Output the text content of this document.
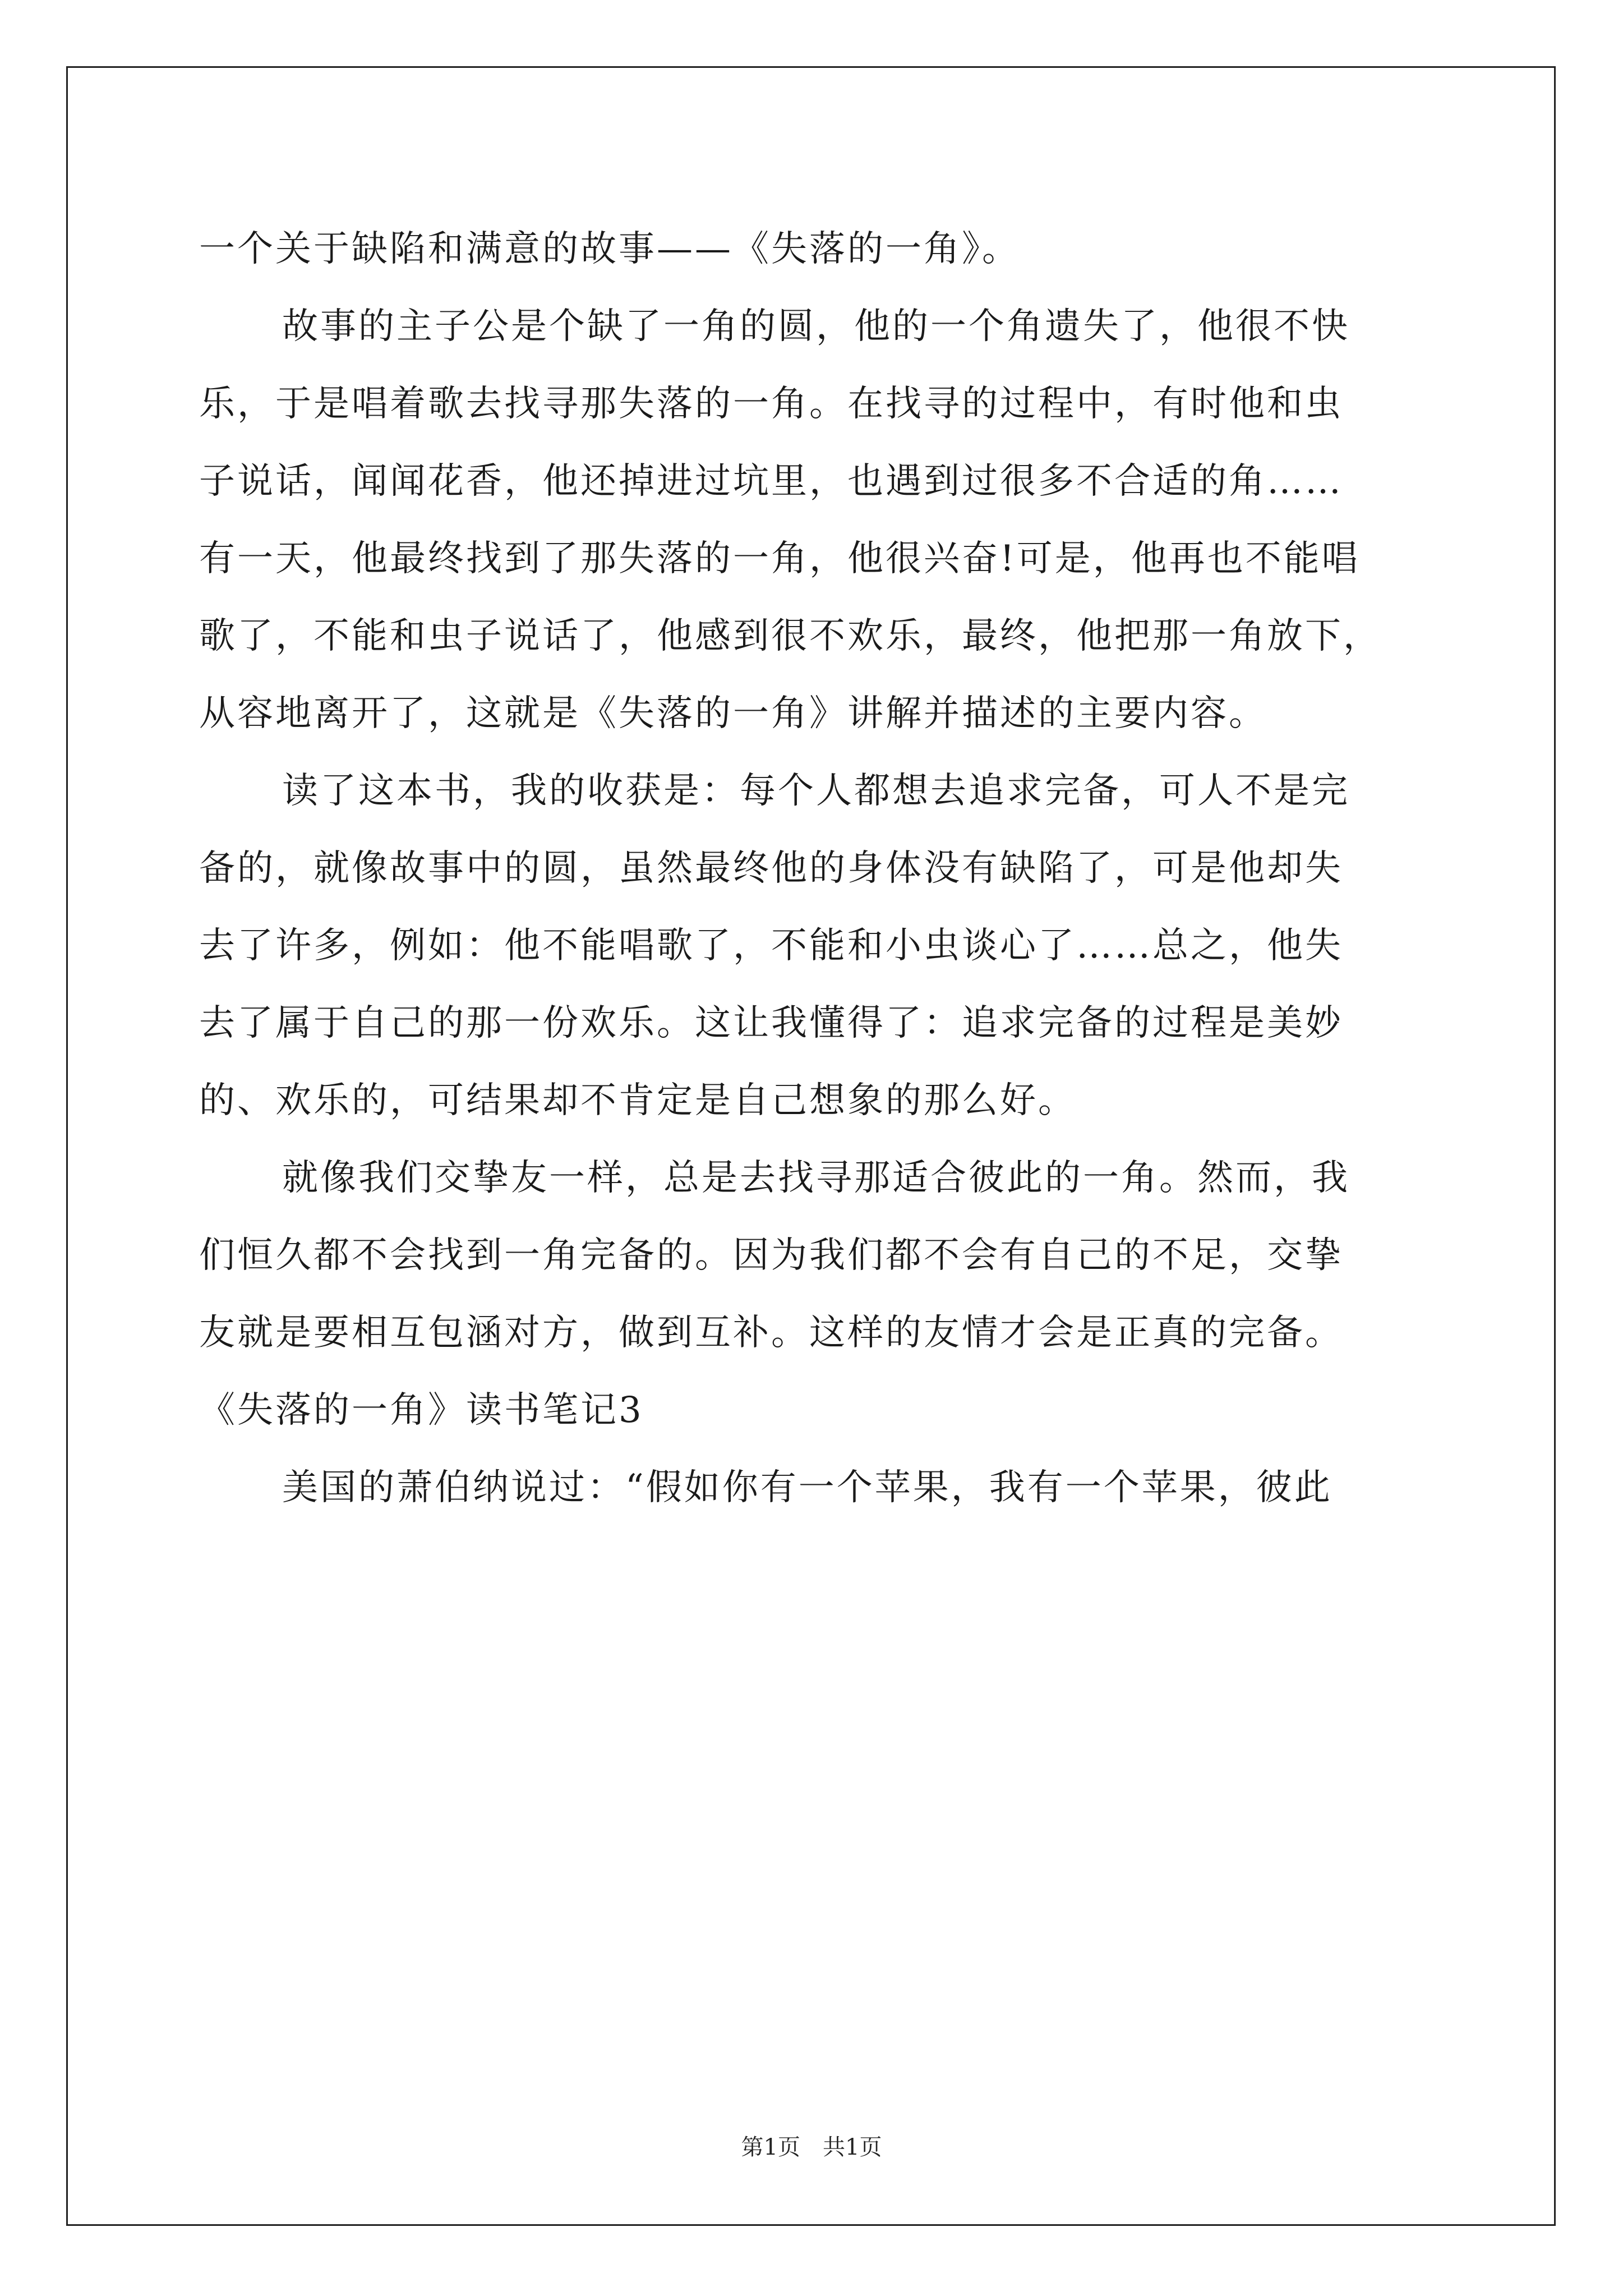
一个关于缺陷和满意的故事——《失落的一角》。
故事的主子公是个缺了一角的圆，他的一个角遗失了，他很不快
乐，于是唱着歌去找寻那失落的一角。在找寻的过程中，有时他和虫
子说话，闻闻花香，他还掉进过坑里，也遇到过很多不合适的角……
有一天，他最终找到了那失落的一角，他很兴奋!可是，他再也不能唱
歌了，不能和虫子说话了，他感到很不欢乐，最终，他把那一角放下，
从容地离开了，这就是《失落的一角》讲解并描述的主要内容。
读了这本书，我的收获是：每个人都想去追求完备，可人不是完
备的，就像故事中的圆，虽然最终他的身体没有缺陷了，可是他却失
去了许多，例如：他不能唱歌了，不能和小虫谈心了……总之，他失
去了属于自己的那一份欢乐。这让我懂得了：追求完备的过程是美妙
的、欢乐的，可结果却不肯定是自己想象的那么好。
就像我们交挚友一样，总是去找寻那适合彼此的一角。然而，我
们恒久都不会找到一角完备的。因为我们都不会有自己的不足，交挚
友就是要相互包涵对方，做到互补。这样的友情才会是正真的完备。
《失落的一角》读书笔记3
美国的萧伯纳说过：“假如你有一个苹果，我有一个苹果，彼此
第1页　共1页
